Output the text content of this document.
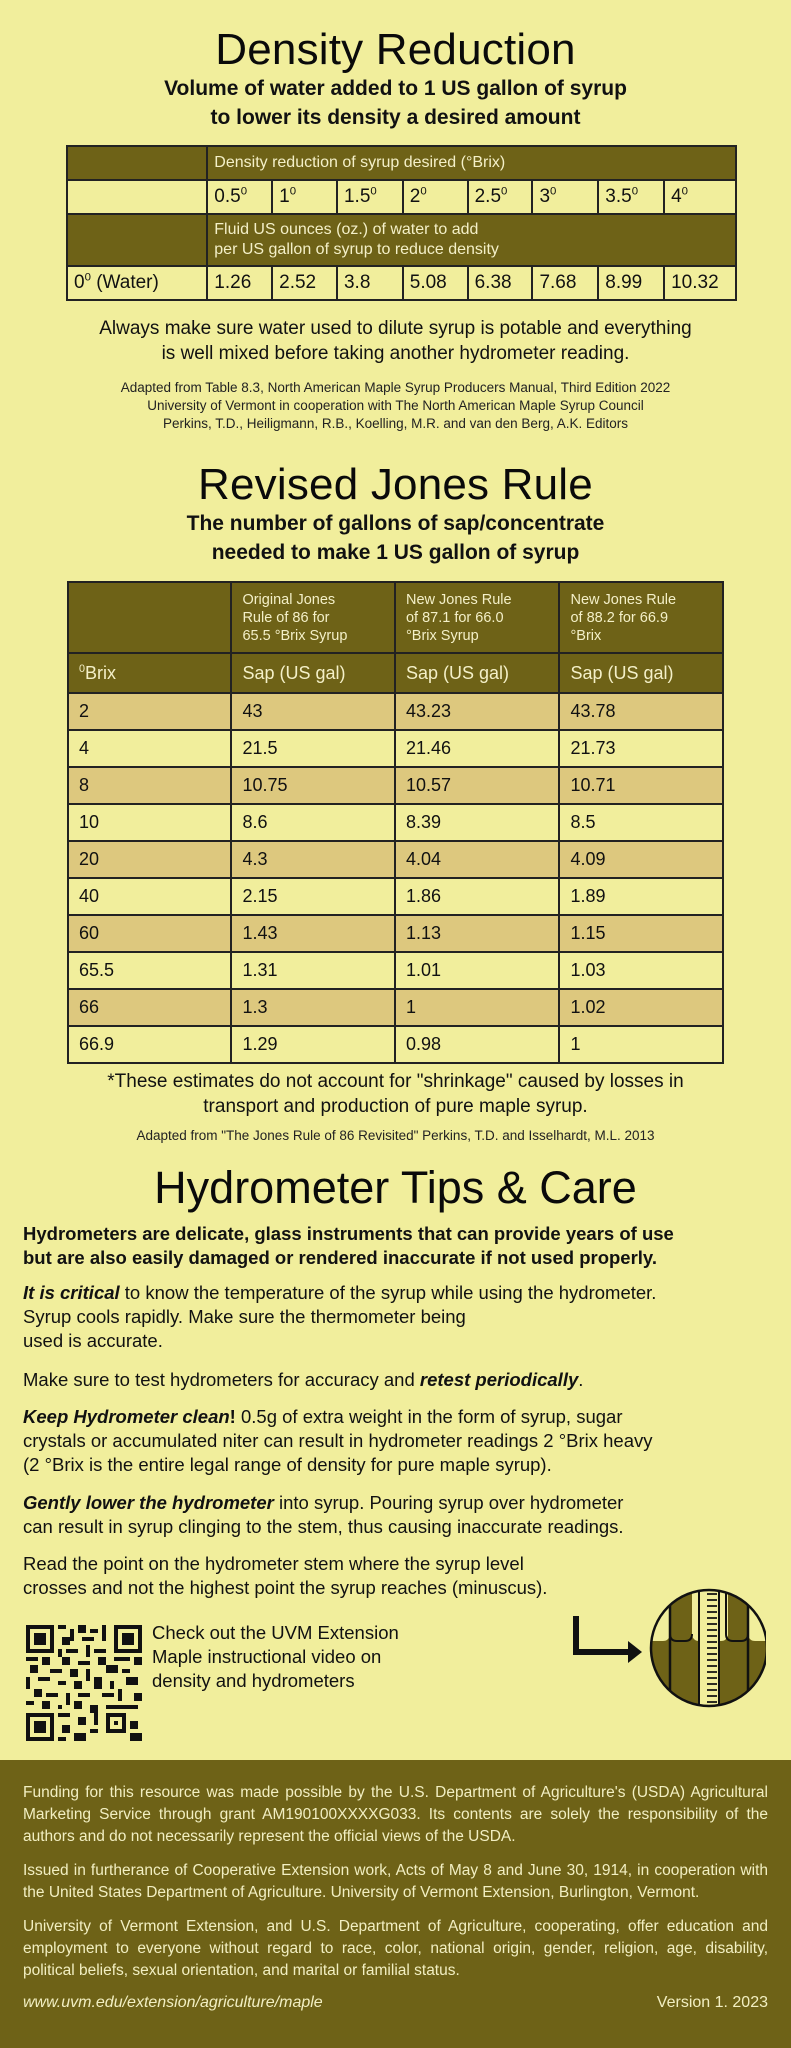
Density Reduction
Volume of water added to 1 US gallon of syrup
to lower its density a desired amount
	Density reduction of syrup desired (°Brix)							
	$0.5^0$	$1^0$	$1.5^0$	$2^0$	$2.5^0$	$3^0$	$3.5^0$	$4^0$

	Fluid US ounces (oz.) of water to add
per US gallon of syrup to reduce density							

$0^0$ (Water)	1.26	2.52	3.8	5.08	6.38	7.68	8.99	10.32
Always make sure water used to dilute syrup is potable and everything
is well mixed before taking another hydrometer reading.
Adapted from Table 8.3, North American Maple Syrup Producers Manual, Third Edition 2022
University of Vermont in cooperation with The North American Maple Syrup Council
Perkins, T.D., Heiligmann, R.B., Koelling, M.R. and van den Berg, A.K. Editors
Revised Jones Rule
The number of gallons of sap/concentrate
needed to make 1 US gallon of syrup

Original Jones
Rule of 86 for
65.5 °Brix Syrup

New Jones Rule
of 87.1 for 66.0
°Brix Syrup

New Jones Rule
of 88.2 for 66.9
°Brix

$^0$Brix	Sap (US gal)	Sap (US gal)	Sap (US gal)
2	43	43.23	43.78
4	21.5	21.46	21.73
8	10.75	10.57	10.71
10	8.6	8.39	8.5
20	4.3	4.04	4.09
40	2.15	1.86	1.89
60	1.43	1.13	1.15
65.5	1.31	1.01	1.03
66	1.3	1	1.02
66.9	1.29	0.98	1
*These estimates do not account for "shrinkage" caused by losses in
transport and production of pure maple syrup.
Adapted from "The Jones Rule of 86 Revisited" Perkins, T.D. and Isselhardt, M.L. 2013
Hydrometer Tips & Care
Hydrometers are delicate, glass instruments that can provide years of use
but are also easily damaged or rendered inaccurate if not used properly.
It is critical to know the temperature of the syrup while using the hydrometer.
Syrup cools rapidly. Make sure the thermometer being
used is accurate.
Make sure to test hydrometers for accuracy and retest periodically.
Keep Hydrometer clean! 0.5g of extra weight in the form of syrup, sugar
crystals or accumulated niter can result in hydrometer readings 2 °Brix heavy
(2 °Brix is the entire legal range of density for pure maple syrup).
Gently lower the hydrometer into syrup. Pouring syrup over hydrometer
can result in syrup clinging to the stem, thus causing inaccurate readings.
Read the point on the hydrometer stem where the syrup level
crosses and not the highest point the syrup reaches (minuscus).
Check out the UVM Extension
Maple instructional video on
density and hydrometers

Funding for this resource was made possible by the U.S. Department of Agriculture's (USDA) Agricultural Marketing Service through grant AM190100XXXXG033. Its contents are solely the responsibility of the authors and do not necessarily represent the official views of the USDA.

Issued in furtherance of Cooperative Extension work, Acts of May 8 and June 30, 1914, in cooperation with the United States Department of Agriculture. University of Vermont Extension, Burlington, Vermont.

University of Vermont Extension, and U.S. Department of Agriculture, cooperating, offer education and employment to everyone without regard to race, color, national origin, gender, religion, age, disability, political beliefs, sexual orientation, and marital or familial status.

www.uvm.edu/extension/agriculture/maple	Version 1. 2023
